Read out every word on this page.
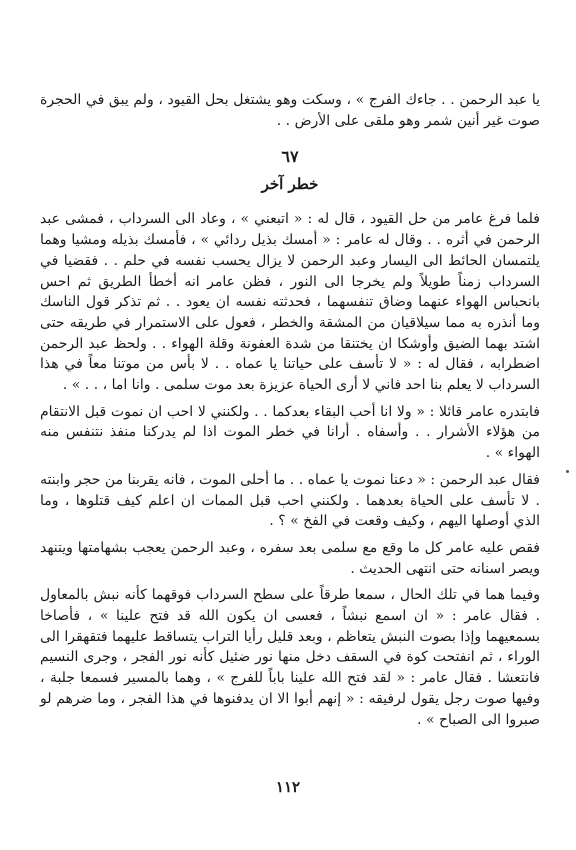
يا عبد الرحمن . . جاءك الفرج » ، وسكت وهو يشتغل بحل القيود ، ولم يبق في الحجرة صوت غير أنين شمر وهو ملقى على الأرض . .

٦٧
خطر آخر

فلما فرغ عامر من حل القيود ، قال له : « اتبعني » ، وعاد الى السرداب ، فمشى عبد الرحمن في أثره . . وقال له عامر : « أمسك بذيل ردائي » ، فأمسك بذيله ومشيا وهما يلتمسان الحائط الى اليسار وعبد الرحمن لا يزال يحسب نفسه في حلم . . فقضيا في السرداب زمناً طويلاً ولم يخرجا الى النور ، فظن عامر انه أخطأ الطريق ثم احس بانحباس الهواء عنهما وضاق تنفسهما ، فحدثته نفسه ان يعود . . ثم تذكر قول الناسك وما أنذره به مما سيلاقيان من المشقة والخطر ، فعول على الاستمرار في طريقه حتى اشتد بهما الضيق وأوشكا ان يختنقا من شدة العفونة وقلة الهواء . . ولحظ عبد الرحمن اضطرابه ، فقال له : « لا تأسف على حياتنا يا عماه . . لا بأس من موتنا معاً في هذا السرداب لا يعلم بنا احد فاني لا أرى الحياة عزيزة بعد موت سلمى . وانا اما ، . . » .

فابتدره عامر قائلا : « ولا انا أحب البقاء بعدكما . . ولكنني لا احب ان نموت قبل الانتقام من هؤلاء الأشرار . . وأسفاه . أرانا في خطر الموت اذا لم يدركنا منفذ نتنفس منه الهواء » .

فقال عبد الرحمن : « دعنا نموت يا عماه . . ما أحلى الموت ، فانه يقربنا من حجر وابنته . لا تأسف على الحياة بعدهما . ولكنني احب قبل الممات ان اعلم كيف قتلوها ، وما الذي أوصلها اليهم ، وكيف وقعت في الفخ » ؟ .

فقص عليه عامر كل ما وقع مع سلمى بعد سفره ، وعبد الرحمن يعجب بشهامتها ويتنهد ويصر اسنانه حتى انتهى الحديث .

وفيما هما في تلك الحال ، سمعا طرقاً على سطح السرداب فوقهما كأنه نبش بالمعاول . فقال عامر : « ان اسمع نبشاً ، فعسى ان يكون الله قد فتح علينا » ، فأصاخا بسمعيهما وإذا بصوت النبش يتعاظم ، وبعد قليل رأيا التراب يتساقط عليهما فتقهقرا الى الوراء ، ثم انفتحت كوة في السقف دخل منها نور ضئيل كأنه نور الفجر ، وجرى النسيم فانتعشا . فقال عامر : « لقد فتح الله علينا باباً للفرج » ، وهما بالمسير فسمعا جلبة ، وفيها صوت رجل يقول لرفيقه : « إنهم أبوا الا ان يدفنوها في هذا الفجر ، وما ضرهم لو صبروا الى الصباح » .

١١٢
